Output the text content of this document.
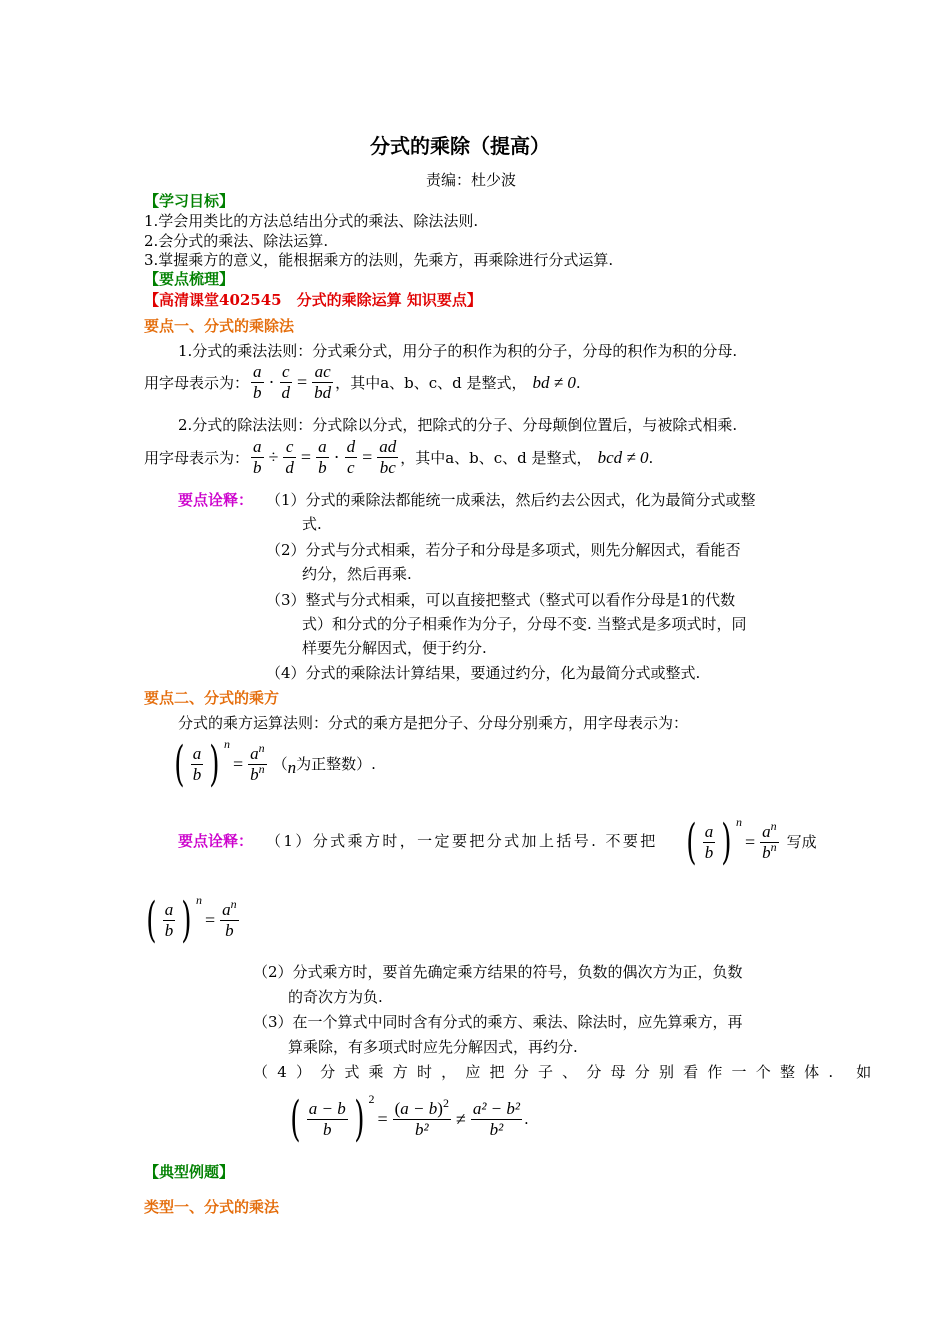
分式的乘除（提高）
责编：杜少波
【学习目标】
1.学会用类比的方法总结出分式的乘法、除法法则.
2.会分式的乘法、除法运算.
3.掌握乘方的意义，能根据乘方的法则，先乘方，再乘除进行分式运算.
【要点梳理】
【高清课堂402545　分式的乘除运算 知识要点】
要点一、分式的乘除法
1.分式的乘法法则：分式乘分式，用分子的积作为积的分子，分母的积作为积的分母.
用字母表示为： $\frac{a}{b} \cdot \frac{c}{d} = \frac{ac}{bd}$ ， 其中a、b、c、d 是整式， bd ≠ 0 .
2.分式的除法法则：分式除以分式，把除式的分子、分母颠倒位置后，与被除式相乘.
用字母表示为： $\frac{a}{b} \div \frac{c}{d} = \frac{a}{b} \cdot \frac{d}{c} = \frac{ad}{bc}$ ， 其中a、b、c、d 是整式， bcd ≠ 0 .
要点诠释： （1）分式的乘除法都能统一成乘法，然后约去公因式，化为最简分式或整
式.
（2）分式与分式相乘，若分子和分母是多项式，则先分解因式，看能否
约分，然后再乘.
（3）整式与分式相乘，可以直接把整式（整式可以看作分母是1的代数
式）和分式的分子相乘作为分子，分母不变. 当整式是多项式时，同
样要先分解因式，便于约分.
（4）分式的乘除法计算结果，要通过约分，化为最简分式或整式.
要点二、分式的乘方
分式的乘方运算法则：分式的乘方是把分子、分母分别乘方，用字母表示为：
( $\frac{a}{b}$ ) n
= $\frac{a^n}{b^n}$ （ n 为正整数）.
要点诠释： （1）分式乘方时，一定要把分式加上括号. 不要把 ( $\frac{a}{b}$ ) n
= $\frac{a^n}{b^n}$ 写成
( $\frac{a}{b}$ ) n
= $\frac{a^n}{b}$
（2）分式乘方时，要首先确定乘方结果的符号，负数的偶次方为正，负数
的奇次方为负.
（3）在一个算式中同时含有分式的乘方、乘法、除法时，应先算乘方，再
算乘除，有多项式时应先分解因式，再约分.
（4）分式乘方时，应把分子、分母分别看作一个整体. 如
( $\frac{a - b}{b}$ ) 2
= $\frac{(a - b)^2}{\text{b²}} \ne \frac{\text{a² − b²}}{\text{b²}}$ .
【典型例题】
类型一、分式的乘法
